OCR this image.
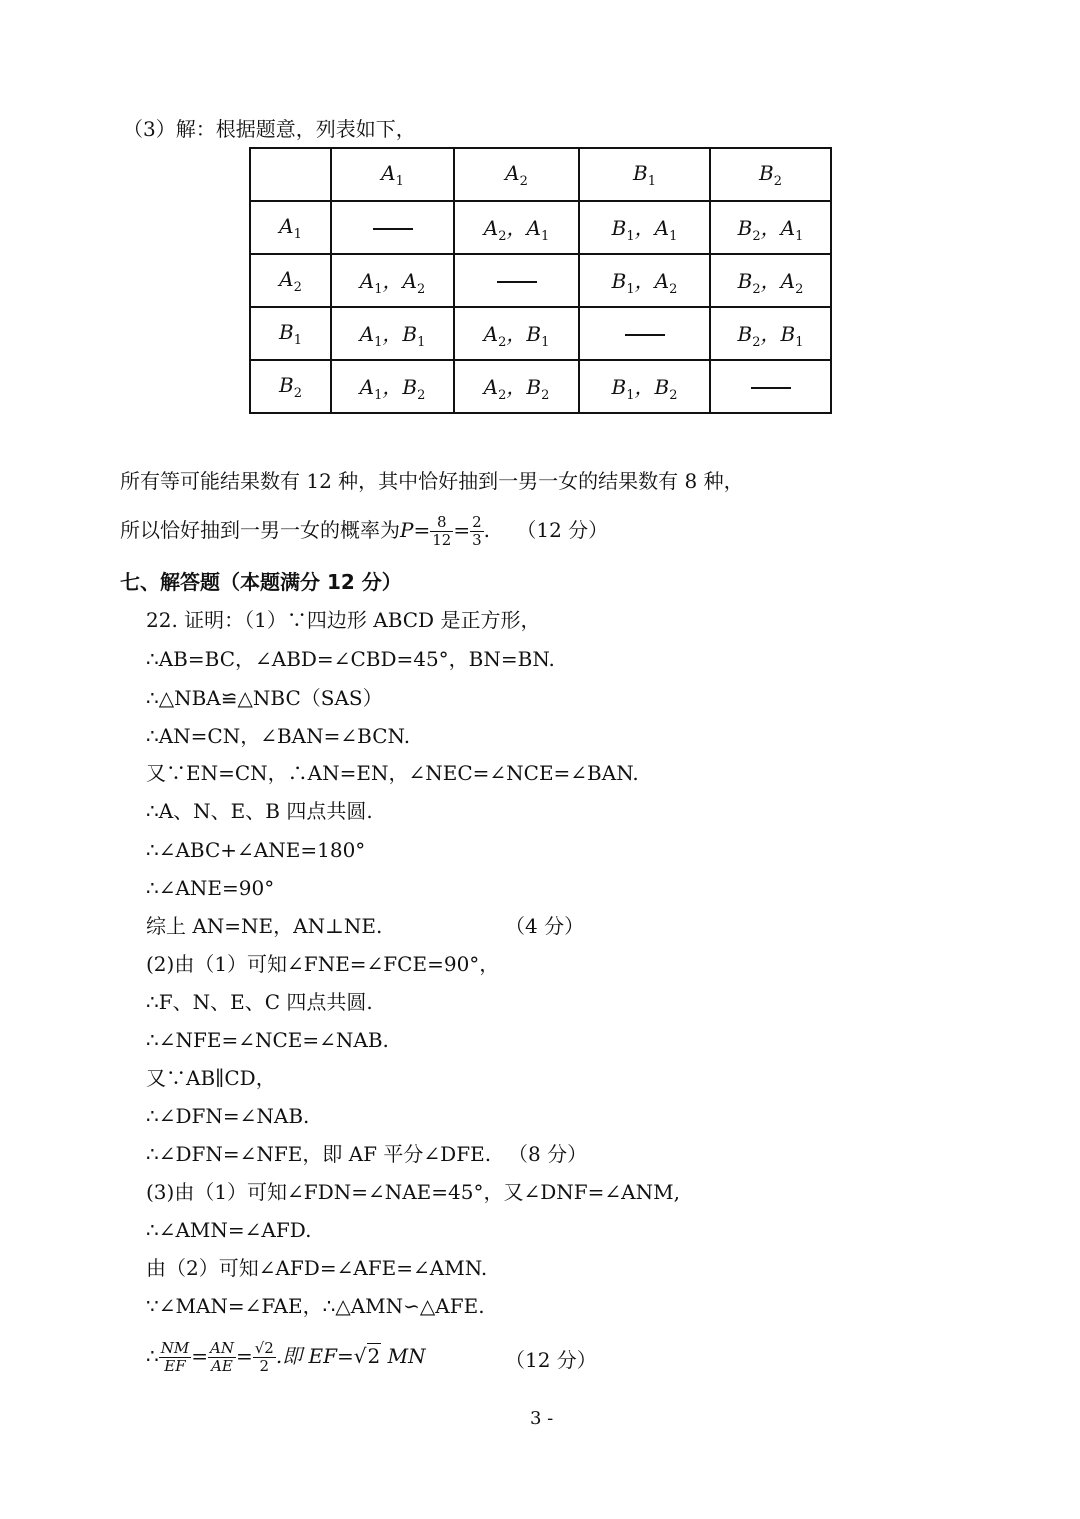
（3）解：根据题意，列表如下，
	$A_1$	$A_2$	$B_1$	$B_2$
$A_1$		$A_2$，$A_1$	$B_1$，$A_1$	$B_2$，$A_1$
$A_2$	$A_1$，$A_2$		$B_1$，$A_2$	$B_2$，$A_2$
$B_1$	$A_1$，$B_1$	$A_2$，$B_1$		$B_2$，$B_1$
$B_2$	$A_1$，$B_2$	$A_2$，$B_2$	$B_1$，$B_2$	
所有等可能结果数有 12 种，其中恰好抽到一男一女的结果数有 8 种，
所以恰好抽到一男一女的概率为$P= \frac{8}{12} = \frac{2}{3}$ . （12 分）
七、解答题（本题满分 12 分）
22. 证明：（1）∵四边形 ABCD 是正方形，
∴AB=BC，∠ABD=∠CBD=45°，BN=BN.
∴△NBA≌△NBC（SAS）
∴AN=CN，∠BAN=∠BCN.
又∵EN=CN，∴AN=EN，∠NEC=∠NCE=∠BAN.
∴A、N、E、B 四点共圆.
∴∠ABC+∠ANE=180°
∴∠ANE=90°
综上 AN=NE，AN⊥NE.	（4 分）
(2)由（1）可知∠FNE=∠FCE=90°，
∴F、N、E、C 四点共圆.
∴∠NFE=∠NCE=∠NAB.
又∵AB∥CD，
∴∠DFN=∠NAB.
∴∠DFN=∠NFE，即 AF 平分∠DFE. （8 分）
(3)由（1）可知∠FDN=∠NAE=45°，又∠DNF=∠ANM,
∴∠AMN=∠AFD.
由（2）可知∠AFD=∠AFE=∠AMN.
∵∠MAN=∠FAE，∴△AMN∽△AFE.
∴ $\frac{NM}{EF} = \frac{AN}{AE} = \frac{√2}{2}$ .即 EF=√2 MN	（12 分）
3 -
